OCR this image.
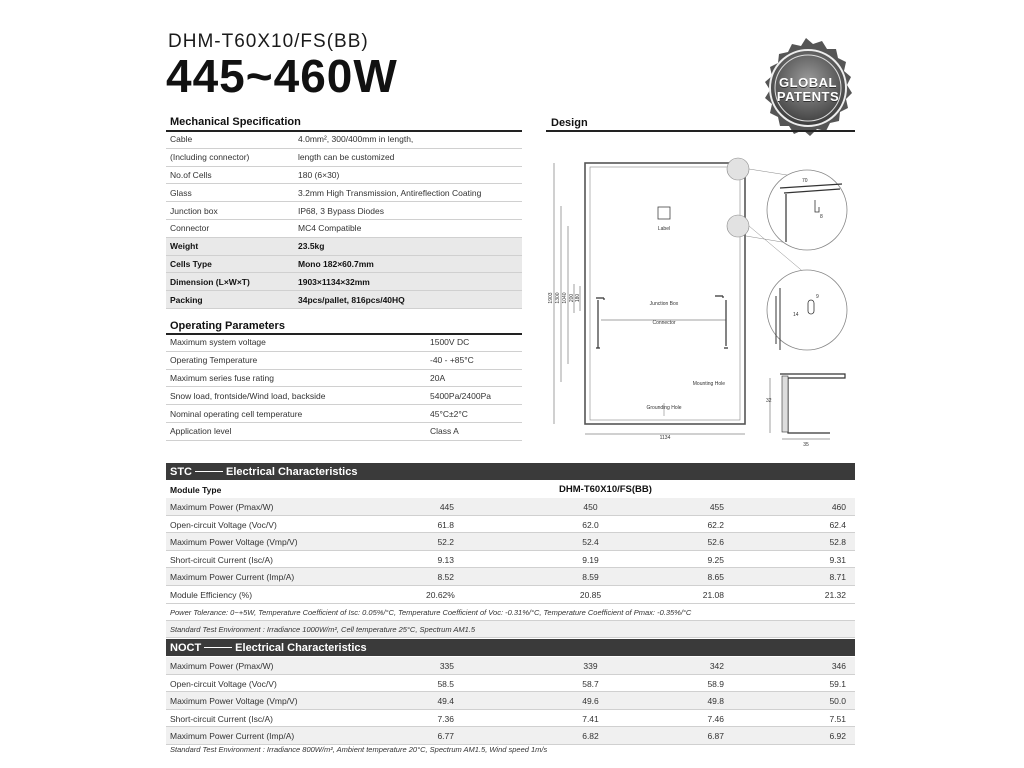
DHM-T60X10/FS(BB)
445~460W	GLOBAL
PATENTS
Mechanical Specification
Cable	4.0mm², 300/400mm in length,
(Including connector)	length can be customized
No.of Cells	180 (6×30)
Glass	3.2mm High Transmission, Antireflection Coating
Junction box	IP68, 3 Bypass Diodes
Connector	MC4 Compatible
Weight	23.5kg
Cells Type	Mono 182×60.7mm
Dimension (L×W×T)	1903×1134×32mm
Packing	34pcs/pallet, 816pcs/40HQ
Operating Parameters
Maximum system voltage	1500V DC
Operating Temperature	-40 - +85°C
Maximum series fuse rating	20A
Snow load, frontside/Wind load, backside	5400Pa/2400Pa
Nominal operating cell temperature	45°C±2°C
Application level	Class A
Design
Label
Junction Box
Connector
Mounting Hole
Grounding Hole
1134
1903 1300 1040 200 180
70
8
14
9
32
35
STC	Electrical Characteristics
Module Type	DHM-T60X10/FS(BB)
Maximum Power (Pmax/W)	445	450	455	460
Open-circuit Voltage (Voc/V)	61.8	62.0	62.2	62.4
Maximum Power Voltage (Vmp/V)	52.2	52.4	52.6	52.8
Short-circuit Current (Isc/A)	9.13	9.19	9.25	9.31
Maximum Power Current (Imp/A)	8.52	8.59	8.65	8.71
Module Efficiency (%)	20.62%	20.85	21.08	21.32
Power Tolerance: 0~+5W, Temperature Coefficient of Isc: 0.05%/°C, Temperature Coefficient of Voc: -0.31%/°C, Temperature Coefficient of Pmax: -0.35%/°C
Standard Test Environment : Irradiance 1000W/m², Cell temperature 25°C, Spectrum AM1.5
NOCT	Electrical Characteristics
Maximum Power (Pmax/W)	335	339	342	346
Open-circuit Voltage (Voc/V)	58.5	58.7	58.9	59.1
Maximum Power Voltage (Vmp/V)	49.4	49.6	49.8	50.0
Short-circuit Current (Isc/A)	7.36	7.41	7.46	7.51
Maximum Power Current (Imp/A)	6.77	6.82	6.87	6.92
Standard Test Environment : Irradiance 800W/m², Ambient temperature 20°C, Spectrum AM1.5, Wind speed 1m/s
